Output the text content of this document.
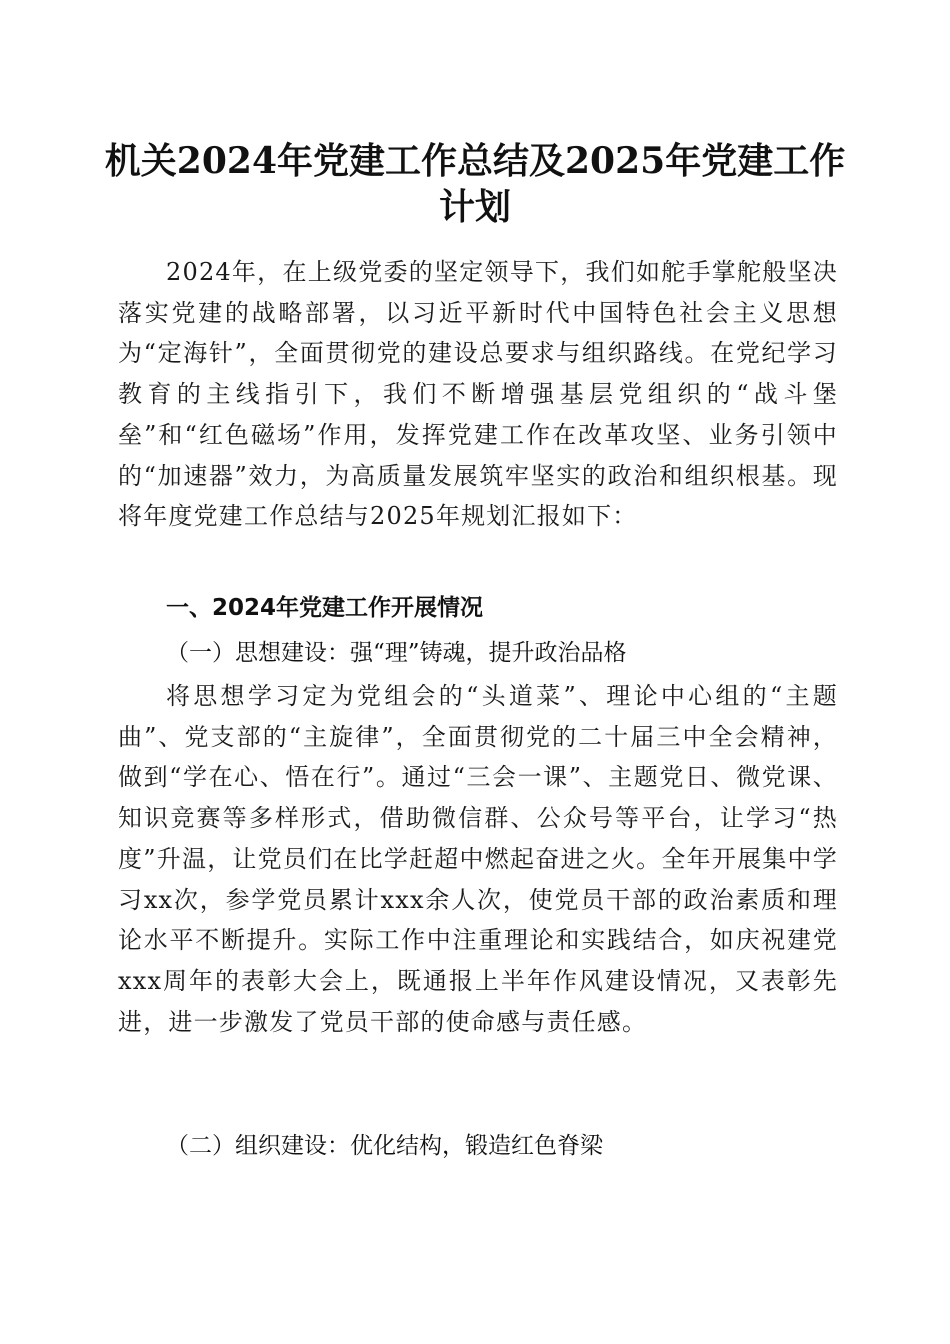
机关2024年党建工作总结及2025年党建工作
计划
2024年，在上级党委的坚定领导下，我们如舵手掌舵般坚决落实党建的战略部署，以习近平新时代中国特色社会主义思想为“定海针”，全面贯彻党的建设总要求与组织路线。在党纪学习教育的主线指引下，我们不断增强基层党组织的“战斗堡垒”和“红色磁场”作用，发挥党建工作在改革攻坚、业务引领中的“加速器”效力，为高质量发展筑牢坚实的政治和组织根基。现将年度党建工作总结与2025年规划汇报如下：
一、2024年党建工作开展情况
（一）思想建设：强“理”铸魂，提升政治品格
将思想学习定为党组会的“头道菜”、理论中心组的“主题曲”、党支部的“主旋律”，全面贯彻党的二十届三中全会精神，做到“学在心、悟在行”。通过“三会一课”、主题党日、微党课、知识竞赛等多样形式，借助微信群、公众号等平台，让学习“热度”升温，让党员们在比学赶超中燃起奋进之火。全年开展集中学习xx次，参学党员累计xxx余人次，使党员干部的政治素质和理论水平不断提升。实际工作中注重理论和实践结合，如庆祝建党xxx周年的表彰大会上，既通报上半年作风建设情况，又表彰先进，进一步激发了党员干部的使命感与责任感。
（二）组织建设：优化结构，锻造红色脊梁
